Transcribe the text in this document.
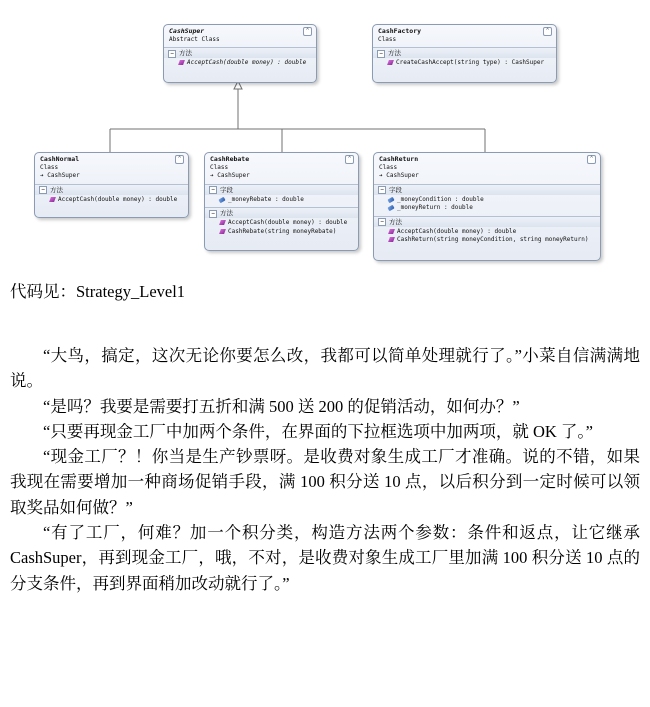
CashSuper
Abstract Class
⌃
− 方法
AcceptCash(double money) : double
CashFactory
Class
⌃
− 方法
CreateCashAccept(string type) : CashSuper
CashNormal
Class
➔ CashSuper
⌃
− 方法
AcceptCash(double money) : double
CashRebate
Class
➔ CashSuper
⌃
− 字段
_moneyRebate : double
− 方法
AcceptCash(double money) : double
CashRebate(string moneyRebate)
CashReturn
Class
➔ CashSuper
⌃
− 字段
_moneyCondition : double
_moneyReturn : double
− 方法
AcceptCash(double money) : double
CashReturn(string moneyCondition, string moneyReturn)
代码见：Strategy_Level1

“大鸟，搞定，这次无论你要怎么改，我都可以简单处理就行了。”小菜自信满满地说。

“是吗？我要是需要打五折和满 500 送 200 的促销活动，如何办？”

“只要再现金工厂中加两个条件，在界面的下拉框选项中加两项，就 OK 了。”

“现金工厂？！你当是生产钞票呀。是收费对象生成工厂才准确。说的不错，如果我现在需要增加一种商场促销手段，满 100 积分送 10 点，以后积分到一定时候可以领取奖品如何做？”

“有了工厂，何难？加一个积分类，构造方法两个参数：条件和返点，让它继承 CashSuper，再到现金工厂，哦，不对，是收费对象生成工厂里加满 100 积分送 10 点的分支条件，再到界面稍加改动就行了。”
